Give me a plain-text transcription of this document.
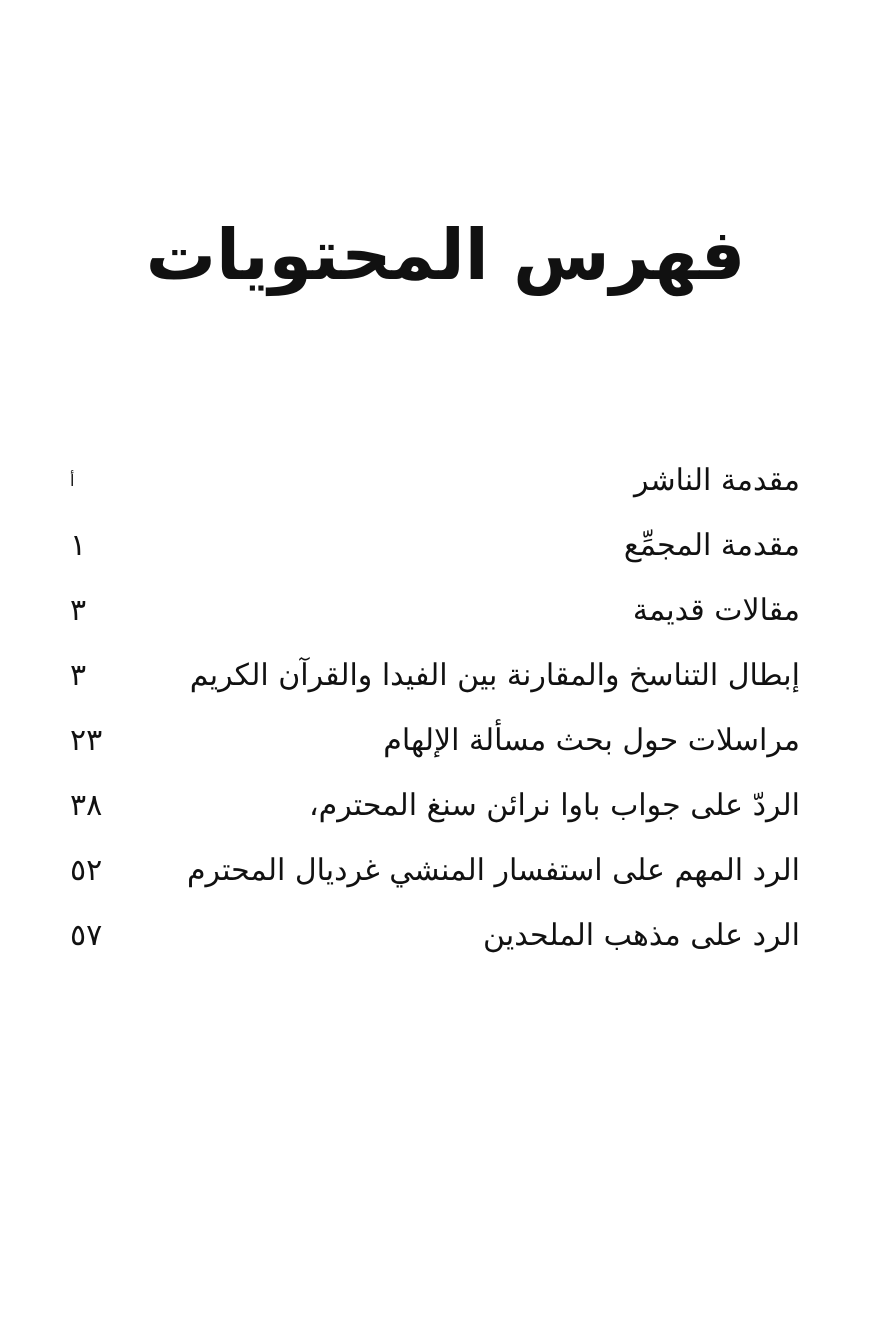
فهرس المحتويات
مقدمة الناشر
أ
مقدمة المجمِّع
١
مقالات قديمة
٣
إبطال التناسخ والمقارنة بين الفيدا والقرآن الكريم
٣
مراسلات حول بحث مسألة الإلهام
٢٣
الردّ على جواب باوا نرائن سنغ المحترم،
٣٨
الرد المهم على استفسار المنشي غرديال المحترم
٥٢
الرد على مذهب الملحدين
٥٧
